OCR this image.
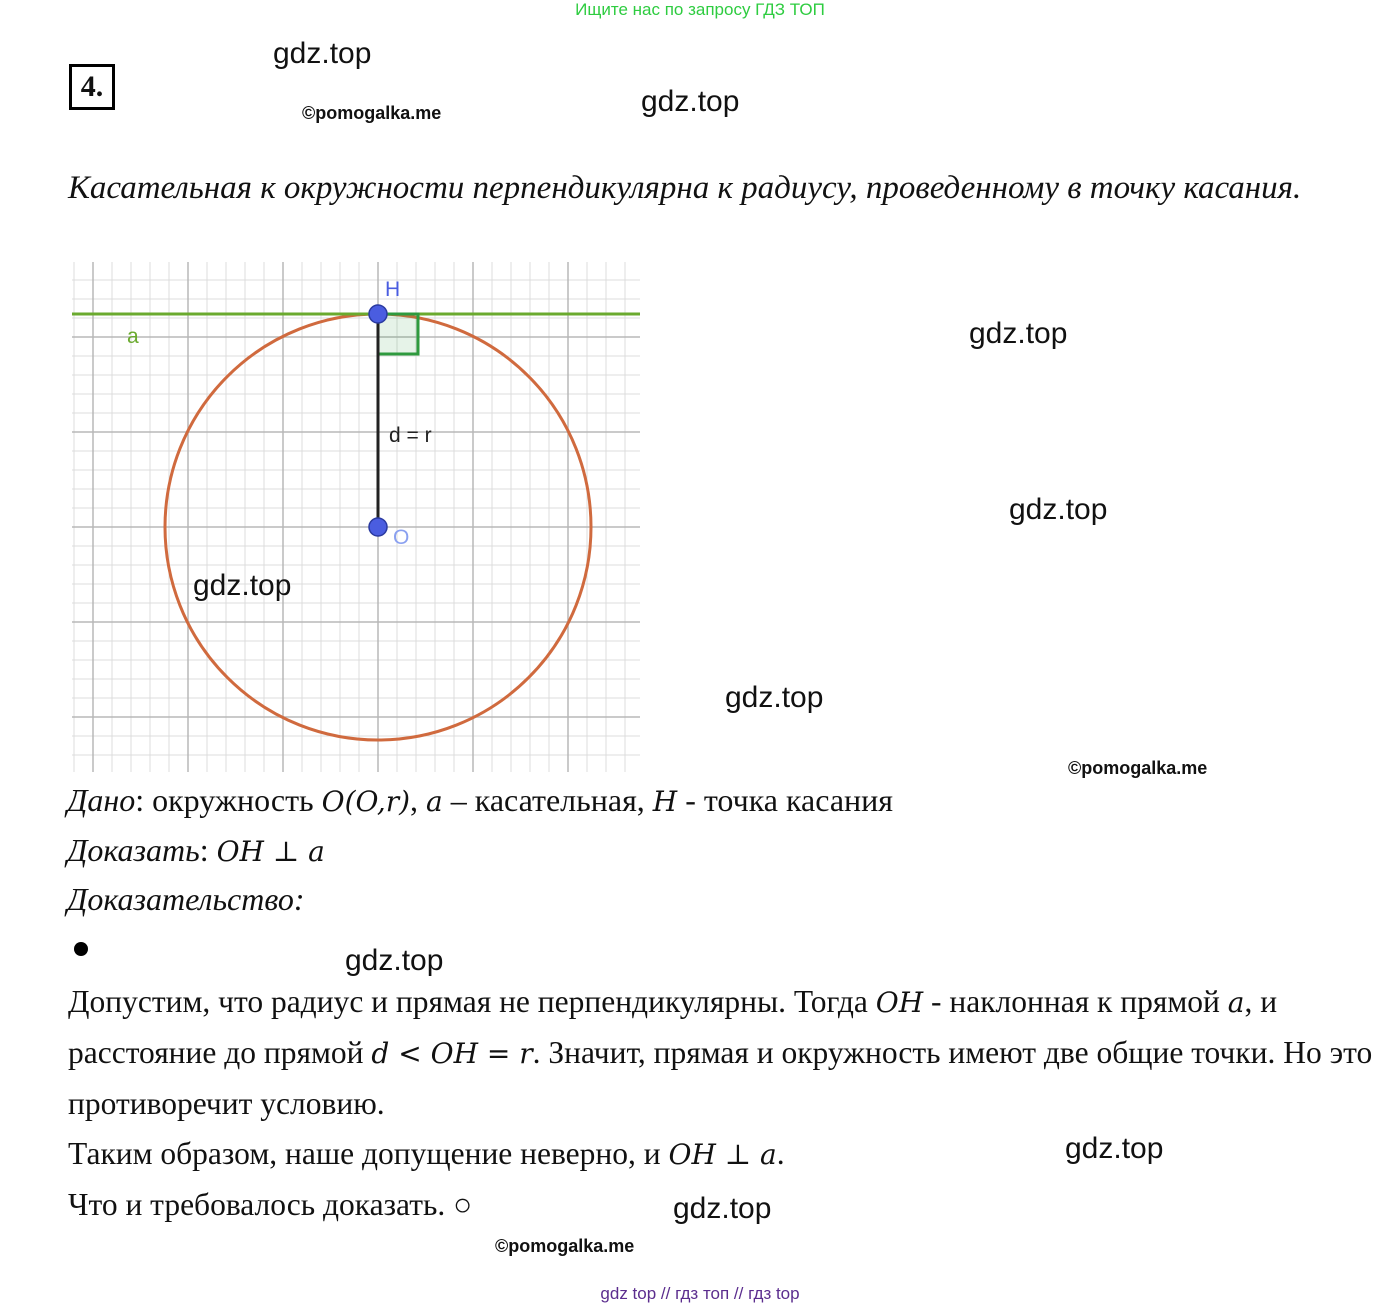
Ищите нас по запросу ГДЗ ТОП
4.
gdz.top
©pomogalka.me	gdz.top
Касательная к окружности перпендикулярна к радиусу, проведенному в точку касания.
H
O
a
d = r
gdz.top
gdz.top
gdz.top
gdz.top
©pomogalka.me
Дано: окружность O(O,r), a – касательная, H - точка касания
Доказать: OH ⊥ a
Доказательство:
gdz.top
Допустим, что радиус и прямая не перпендикулярны. Тогда OH - наклонная к прямой a, и расстояние до прямой d < OH = r. Значит, прямая и окружность имеют две общие точки. Но это противоречит условию.
Таким образом, наше допущение неверно, и OH ⊥ a.
Что и требовалось доказать. ○
gdz.top
gdz.top
©pomogalka.me
gdz top // гдз топ // гдз top
